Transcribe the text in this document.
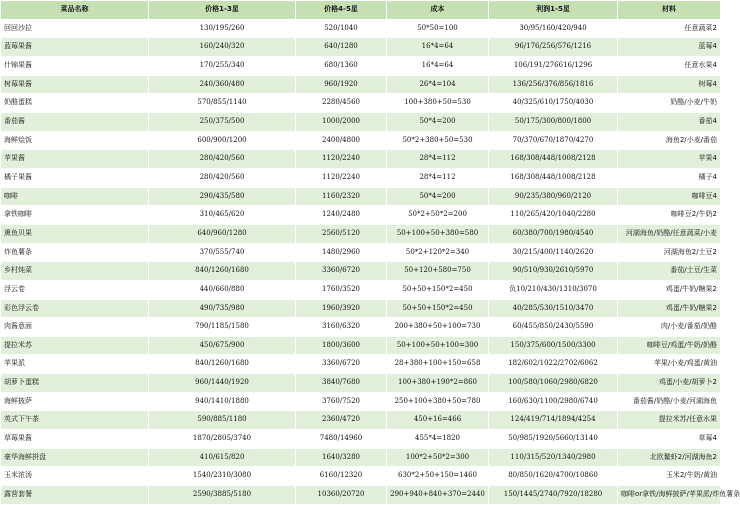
菜品名称	价格1-3星	价格4-5星	成本	利润1-5星	材料
回回沙拉	130/195/260	520/1040	50*50=100	30/95/160/420/940	任意蔬菜2
蓝莓果酱	160/240/320	640/1280	16*4=64	96/176/256/576/1216	蓝莓4
什锦果酱	170/255/340	680/1360	16*4=64	106/191/276616/1296	任意水果4
树莓果酱	240/360/480	960/1920	26*4=104	136/256/376/856/1816	树莓4
奶酪蛋糕	570/855/1140	2280/4560	100+380+50=530	40/325/610/1750/4030	奶酪/小麦/牛奶
番茄酱	250/375/500	1000/2000	50*4=200	50/175/300/800/1800	番茄4
海鲜烩饭	600/900/1200	2400/4800	50*2+380+50=530	70/370/670/1870/4270	海鱼2/小麦/番茄
苹果酱	280/420/560	1120/2240	28*4=112	168/308/448/1008/2128	苹果4
橘子果酱	280/420/560	1120/2240	28*4=112	168/308/448/1008/2128	橘子4
咖啡	290/435/580	1160/2320	50*4=200	90/235/380/960/2120	咖啡豆4
拿铁咖啡	310/465/620	1240/2480	50*2+50*2=200	110/265/420/1040/2280	咖啡豆2/牛奶2
熏鱼贝果	640/960/1280	2560/5120	50+100+50+380=580	60/380/700/1980/4540	河湖海鱼/奶酪/任意蔬菜/小麦
炸鱼薯条	370/555/740	1480/2960	50*2+120*2=340	30/215/400/1140/2620	河湖海鱼2/土豆2
乡村炖菜	840/1260/1680	3360/6720	50+120+580=750	90/510/930/2610/5970	番茄/土豆/生菜
浮云卷	440/660/880	1760/3520	50+50+150*2=450	负10/210/430/1310/3070	鸡蛋/牛奶/糖果2
彩色浮云卷	490/735/980	1960/3920	50+50+150*2=450	40/285/530/1510/3470	鸡蛋/牛奶/糖果2
肉酱意面	790/1185/1580	3160/6320	200+380+50+100=730	60/455/850/2430/5590	肉/小麦/番茄/奶酪
提拉米苏	450/675/900	1800/3600	50+100+50+100=300	150/375/600/1500/3300	咖啡豆/鸡蛋/牛奶/奶酪
苹果派	840/1260/1680	3360/6720	28+380+100+150=658	182/602/1022/2702/6062	苹果/小麦/鸡蛋/黄油
胡萝卜蛋糕	960/1440/1920	3840/7680	100+380+190*2=860	100/580/1060/2980/6820	鸡蛋/小麦/胡萝卜2
海鲜披萨	940/1410/1880	3760/7520	250+100+380+50=780	160/630/1100/2980/6740	番茄酱/奶酪/小麦/河湖海鱼
英式下午茶	590/885/1180	2360/4720	450+16=466	124/419/714/1894/4254	提拉米苏/任意水果
草莓果酱	1870/2805/3740	7480/14960	455*4=1820	50/985/1920/5660/13140	草莓4
豪华海鲜拼盘	410/615/820	1640/3280	100*2+50*2=300	110/315/520/1340/2980	北欧鳌虾2/河湖海鱼2
玉米浓汤	1540/2310/3080	6160/12320	630*2+50+150=1460	80/850/1620/4700/10860	玉米2/牛奶/黄油
露营套餐	2590/3885/5180	10360/20720	290+940+840+370=2440	150/1445/2740/7920/18280	咖啡or拿铁/海鲜披萨/苹果派/炸鱼薯条
